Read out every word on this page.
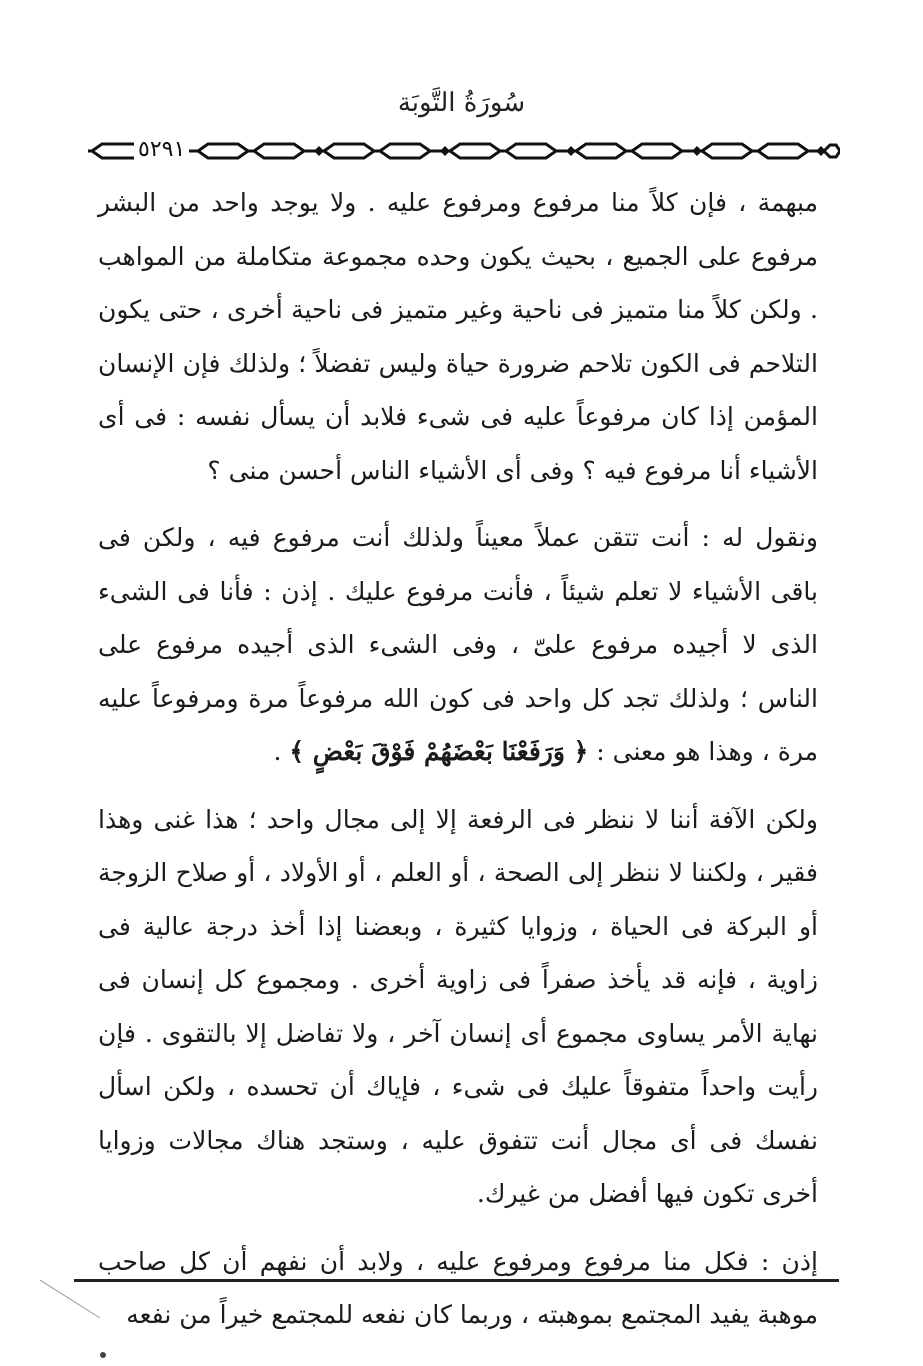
سُورَةُ التَّوبَة
٥٢٩١

مبهمة ، فإن كلاً منا مرفوع ومرفوع عليه . ولا يوجد واحد من البشر مرفوع على الجميع ، بحيث يكون وحده مجموعة متكاملة من المواهب . ولكن كلاً منا متميز فى ناحية وغير متميز فى ناحية أخرى ، حتى يكون التلاحم فى الكون تلاحم ضرورة حياة وليس تفضلاً ؛ ولذلك فإن الإنسان المؤمن إذا كان مرفوعاً عليه فى شىء فلابد أن يسأل نفسه : فى أى الأشياء أنا مرفوع فيه ؟ وفى أى الأشياء الناس أحسن منى ؟

ونقول له : أنت تتقن عملاً معيناً ولذلك أنت مرفوع فيه ، ولكن فى باقى الأشياء لا تعلم شيئاً ، فأنت مرفوع عليك . إذن : فأنا فى الشىء الذى لا أجيده مرفوع علىّ ، وفى الشىء الذى أجيده مرفوع على الناس ؛ ولذلك تجد كل واحد فى كون الله مرفوعاً مرة ومرفوعاً عليه مرة ، وهذا هو معنى : ﴿ وَرَفَعْنَا بَعْضَهُمْ فَوْقَ بَعْضٍ ﴾ .

ولكن الآفة أننا لا ننظر فى الرفعة إلا إلى مجال واحد ؛ هذا غنى وهذا فقير ، ولكننا لا ننظر إلى الصحة ، أو العلم ، أو الأولاد ، أو صلاح الزوجة أو البركة فى الحياة ، وزوايا كثيرة ، وبعضنا إذا أخذ درجة عالية فى زاوية ، فإنه قد يأخذ صفراً فى زاوية أخرى . ومجموع كل إنسان فى نهاية الأمر يساوى مجموع أى إنسان آخر ، ولا تفاضل إلا بالتقوى . فإن رأيت واحداً متفوقاً عليك فى شىء ، فإياك أن تحسده ، ولكن اسأل نفسك فى أى مجال أنت تتفوق عليه ، وستجد هناك مجالات وزوايا أخرى تكون فيها أفضل من غيرك.

إذن : فكل منا مرفوع ومرفوع عليه ، ولابد أن نفهم أن كل صاحب موهبة يفيد المجتمع بموهبته ، وربما كان نفعه للمجتمع خيراً من نفعه
